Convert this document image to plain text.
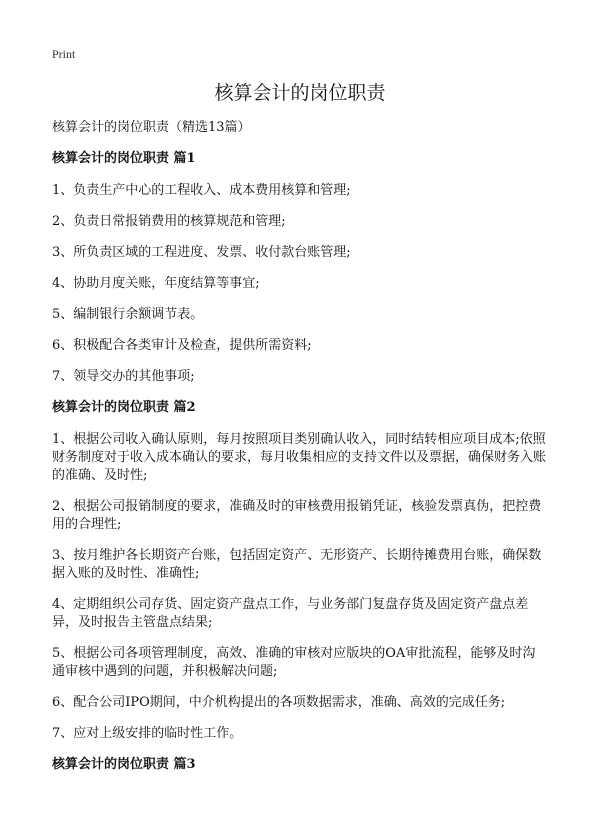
Print
核算会计的岗位职责
核算会计的岗位职责（精选13篇）
核算会计的岗位职责 篇1
1、负责生产中心的工程收入、成本费用核算和管理;
2、负责日常报销费用的核算规范和管理;
3、所负责区域的工程进度、发票、收付款台账管理;
4、协助月度关账，年度结算等事宜;
5、编制银行余额调节表。
6、积极配合各类审计及检查，提供所需资料;
7、领导交办的其他事项;
核算会计的岗位职责 篇2
1、根据公司收入确认原则，每月按照项目类别确认收入，同时结转相应项目成本;依照财务制度对于收入成本确认的要求，每月收集相应的支持文件以及票据，确保财务入账的准确、及时性;
2、根据公司报销制度的要求，准确及时的审核费用报销凭证，核验发票真伪，把控费用的合理性;
3、按月维护各长期资产台账，包括固定资产、无形资产、长期待摊费用台账，确保数据入账的及时性、准确性;
4、定期组织公司存货、固定资产盘点工作，与业务部门复盘存货及固定资产盘点差异，及时报告主管盘点结果;
5、根据公司各项管理制度，高效、准确的审核对应版块的OA审批流程，能够及时沟通审核中遇到的问题，并积极解决问题;
6、配合公司IPO期间，中介机构提出的各项数据需求，准确、高效的完成任务;
7、应对上级安排的临时性工作。
核算会计的岗位职责 篇3
